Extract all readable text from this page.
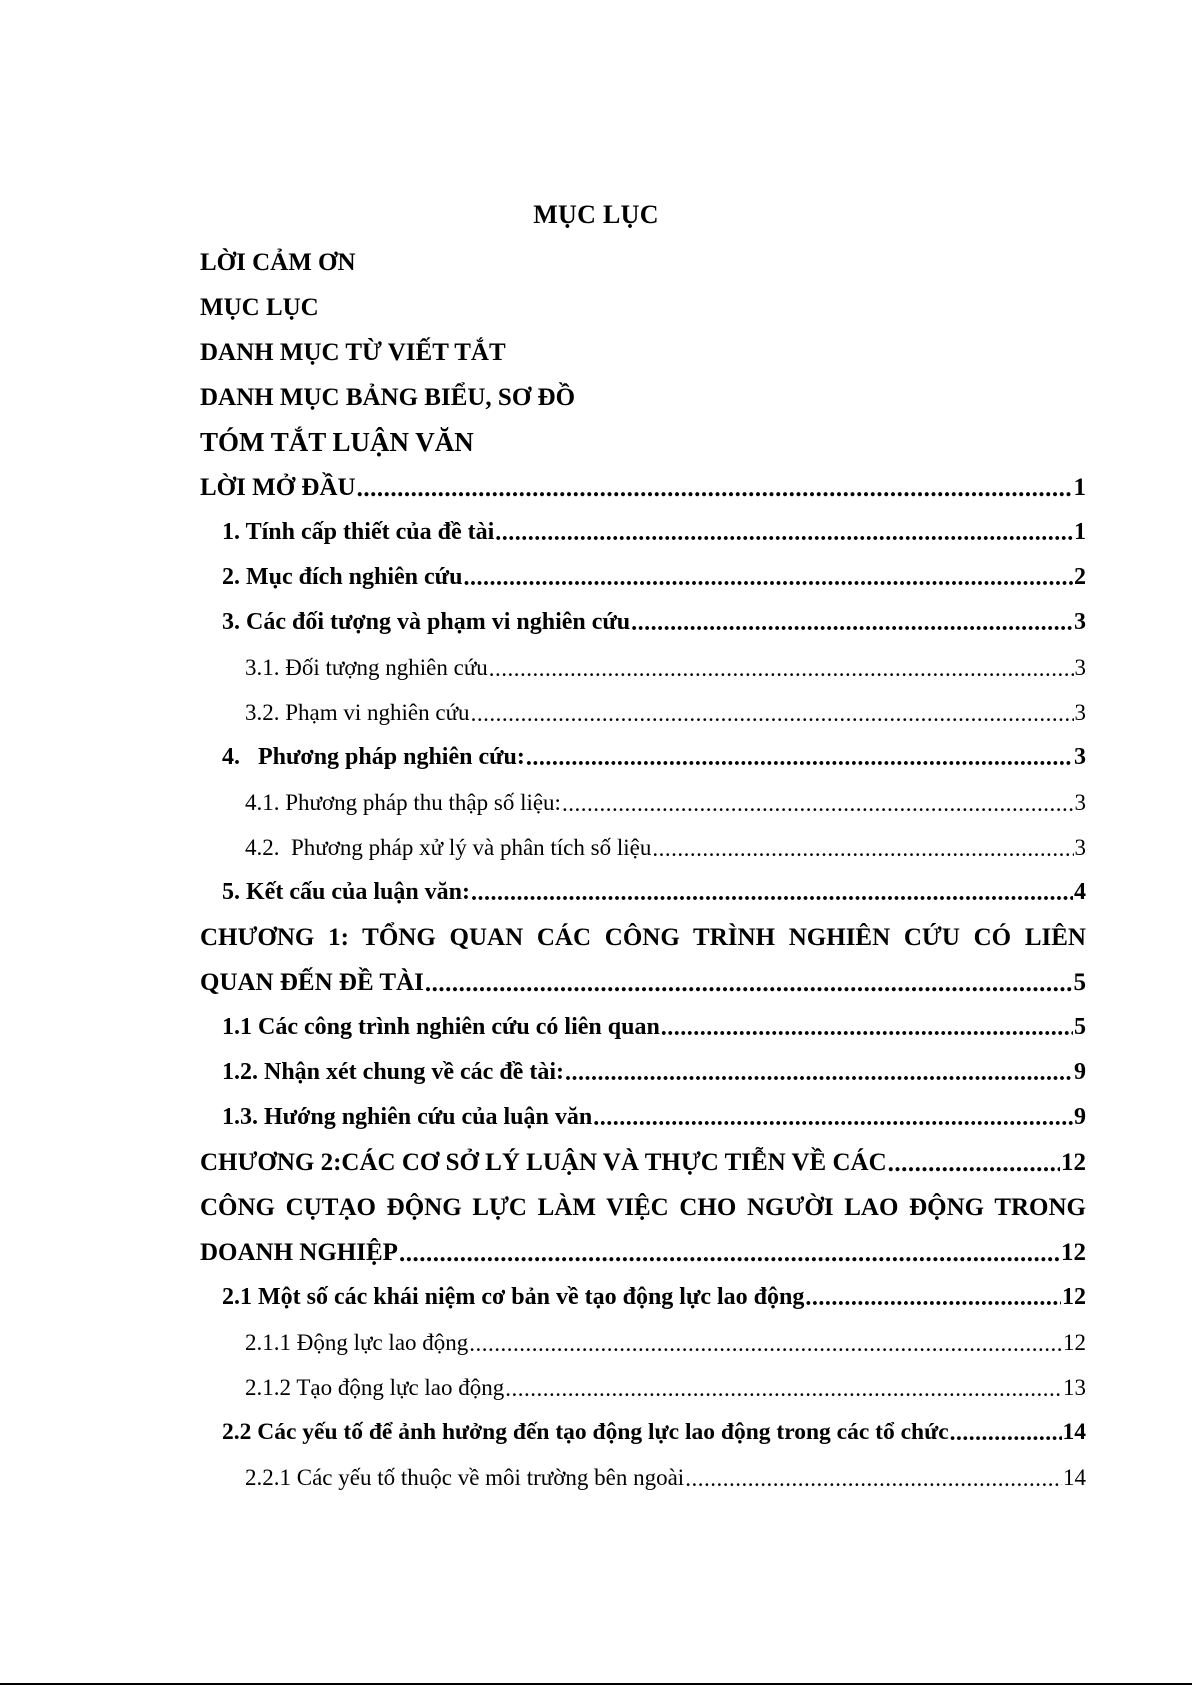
MỤC LỤC
LỜI CẢM ƠN
MỤC LỤC
DANH MỤC TỪ VIẾT TẮT
DANH MỤC BẢNG BIỂU, SƠ ĐỒ
TÓM TẮT LUẬN VĂN
LỜI MỞ ĐẦU .....	1
1. Tính cấp thiết của đề tài .....	1
2. Mục đích nghiên cứu .....	2
3. Các đối tượng và phạm vi nghiên cứu .....	3
3.1. Đối tượng nghiên cứu .....	3
3.2. Phạm vi nghiên cứu .....	3
4.   Phương pháp nghiên cứu: .....	3
4.1. Phương pháp thu thập số liệu: .....	3
4.2.  Phương pháp xử lý và phân tích số liệu .....	3
5. Kết cấu của luận văn: .....	4
CHƯƠNG 1: TỔNG QUAN CÁC CÔNG TRÌNH NGHIÊN CỨU CÓ LIÊN
QUAN ĐẾN ĐỀ TÀI .....	5
1.1 Các công trình nghiên cứu có liên quan .....	5
1.2. Nhận xét chung về các đề tài: .....	9
1.3. Hướng nghiên cứu của luận văn .....	9
CHƯƠNG 2:CÁC CƠ SỞ LÝ LUẬN VÀ THỰC TIỄN VỀ CÁC .....	12
CÔNG CỤTẠO ĐỘNG LỰC LÀM VIỆC CHO NGƯỜI LAO ĐỘNG TRONG
DOANH NGHIỆP .....	12
2.1 Một số các khái niệm cơ bản về tạo động lực lao động .....	12
2.1.1 Động lực lao động .....	12
2.1.2 Tạo động lực lao động .....	13
2.2 Các yếu tố để ảnh hưởng đến tạo động lực lao động trong các tổ chức .....	14
2.2.1 Các yếu tố thuộc về môi trường bên ngoài .....	14
